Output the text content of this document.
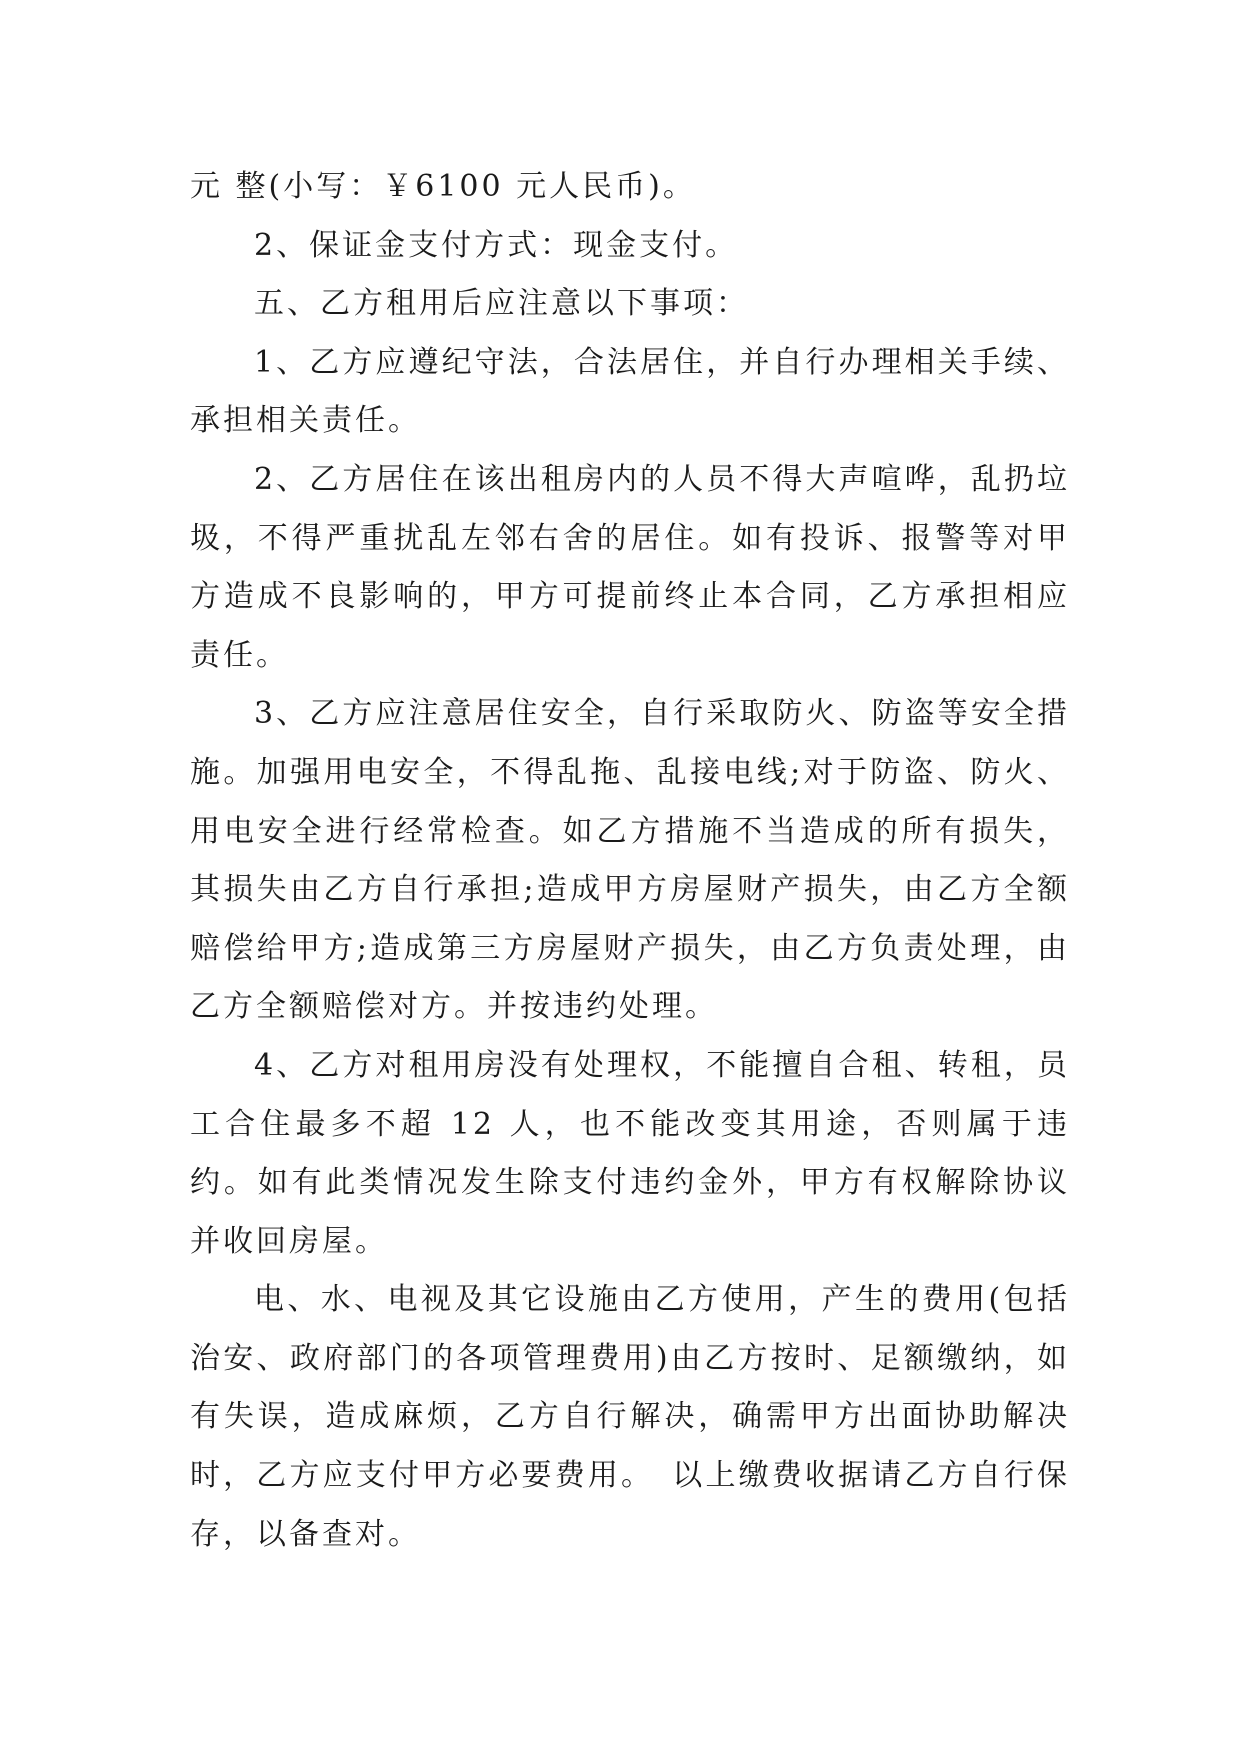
元 整(小写：￥6100 元人民币)。

2、保证金支付方式：现金支付。

五、乙方租用后应注意以下事项：

1、乙方应遵纪守法，合法居住，并自行办理相关手续、承担相关责任。

2、乙方居住在该出租房内的人员不得大声喧哗，乱扔垃圾，不得严重扰乱左邻右舍的居住。如有投诉、报警等对甲方造成不良影响的，甲方可提前终止本合同，乙方承担相应责任。

3、乙方应注意居住安全，自行采取防火、防盗等安全措施。加强用电安全，不得乱拖、乱接电线;对于防盗、防火、用电安全进行经常检查。如乙方措施不当造成的所有损失，其损失由乙方自行承担;造成甲方房屋财产损失，由乙方全额赔偿给甲方;造成第三方房屋财产损失，由乙方负责处理，由乙方全额赔偿对方。并按违约处理。

4、乙方对租用房没有处理权，不能擅自合租、转租，员工合住最多不超 12 人，也不能改变其用途，否则属于违约。如有此类情况发生除支付违约金外，甲方有权解除协议并收回房屋。

电、水、电视及其它设施由乙方使用，产生的费用(包括治安、政府部门的各项管理费用)由乙方按时、足额缴纳，如有失误，造成麻烦，乙方自行解决，确需甲方出面协助解决时，乙方应支付甲方必要费用。　以上缴费收据请乙方自行保存，以备查对。
